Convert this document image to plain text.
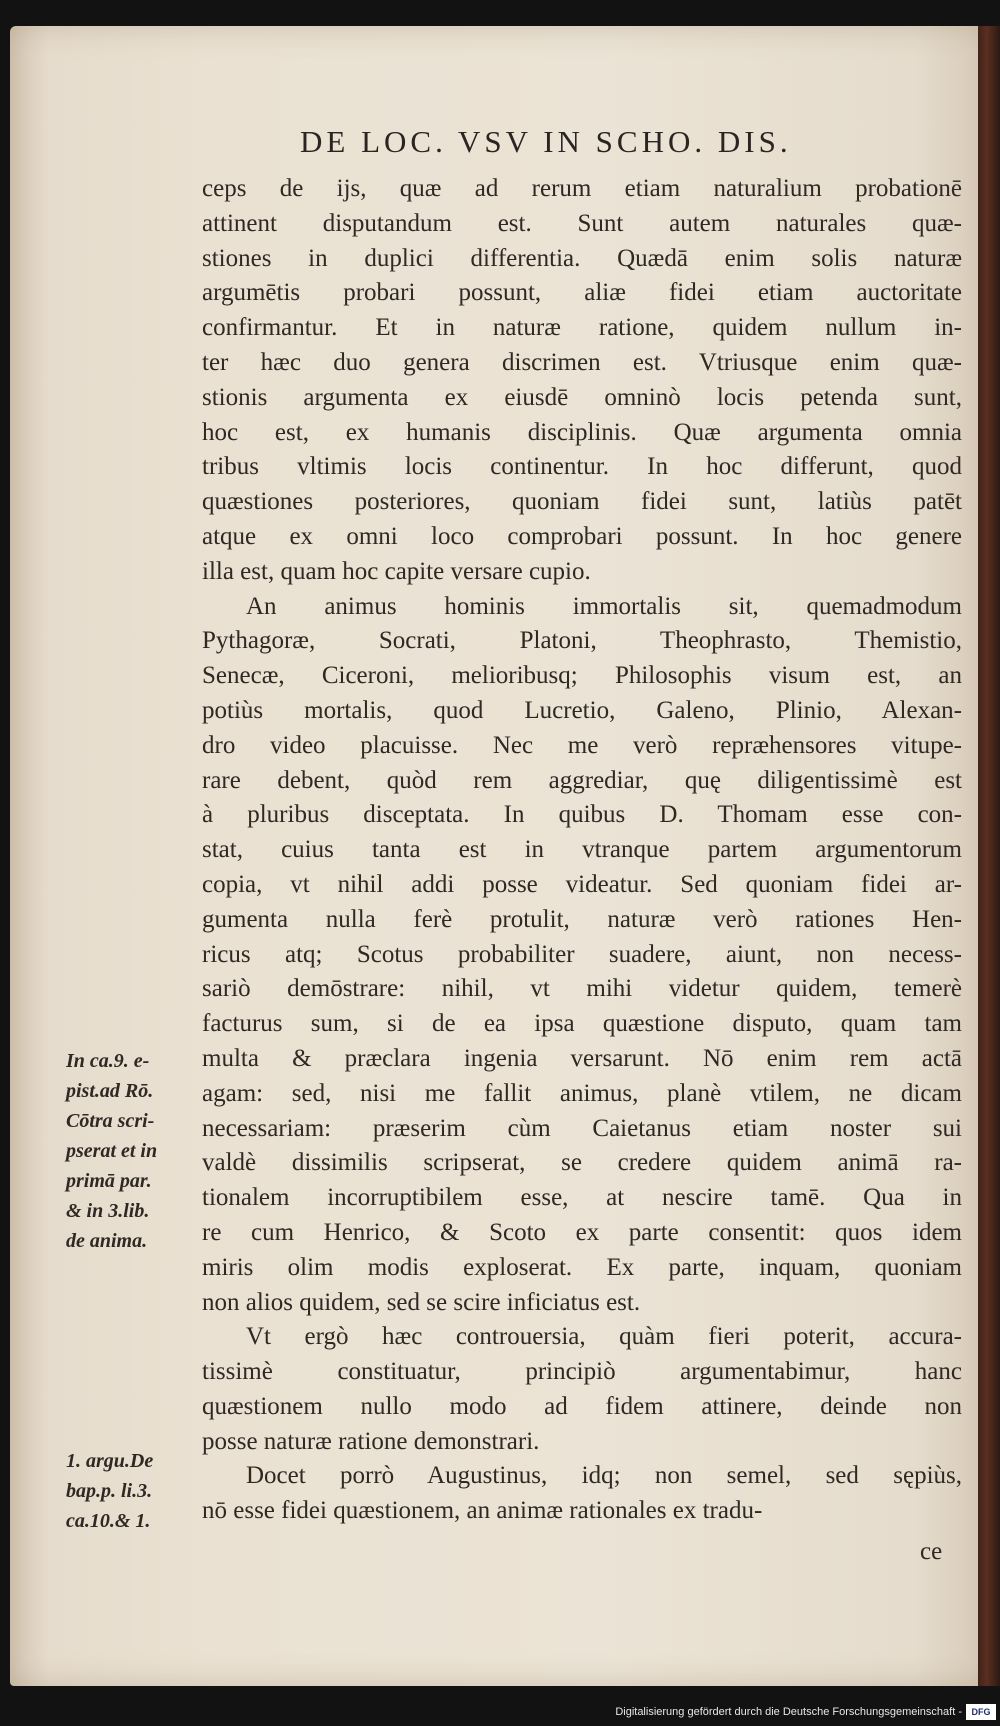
DE LOC. VSV IN SCHO. DIS.
ceps de ijs, quæ ad rerum etiam naturalium probationē
attinent disputandum est. Sunt autem naturales quæ-
stiones in duplici differentia. Quædā enim solis naturæ
argumētis probari possunt, aliæ fidei etiam auctoritate
confirmantur. Et in naturæ ratione, quidem nullum in-
ter hæc duo genera discrimen est. Vtriusque enim quæ-
stionis argumenta ex eiusdē omninò locis petenda sunt,
hoc est, ex humanis disciplinis. Quæ argumenta omnia
tribus vltimis locis continentur. In hoc differunt, quod
quæstiones posteriores, quoniam fidei sunt, latiùs patēt
atque ex omni loco comprobari possunt. In hoc genere
illa est, quam hoc capite versare cupio.
An animus hominis immortalis sit, quemadmodum
Pythagoræ, Socrati, Platoni, Theophrasto, Themistio,
Senecæ, Ciceroni, melioribusq; Philosophis visum est, an
potiùs mortalis, quod Lucretio, Galeno, Plinio, Alexan-
dro video placuisse. Nec me verò repræhensores vitupe-
rare debent, quòd rem aggrediar, quę diligentissimè est
à pluribus disceptata. In quibus D. Thomam esse con-
stat, cuius tanta est in vtranque partem argumentorum
copia, vt nihil addi posse videatur. Sed quoniam fidei ar-
gumenta nulla ferè protulit, naturæ verò rationes Hen-
ricus atq; Scotus probabiliter suadere, aiunt, non necess-
sariò demōstrare: nihil, vt mihi videtur quidem, temerè
facturus sum, si de ea ipsa quæstione disputo, quam tam
multa & præclara ingenia versarunt. Nō enim rem actā
agam: sed, nisi me fallit animus, planè vtilem, ne dicam
necessariam: præserim cùm Caietanus etiam noster sui
valdè dissimilis scripserat, se credere quidem animā ra-
tionalem incorruptibilem esse, at nescire tamē. Qua in
re cum Henrico, & Scoto ex parte consentit: quos idem
miris olim modis exploserat. Ex parte, inquam, quoniam
non alios quidem, sed se scire inficiatus est.
Vt ergò hæc controuersia, quàm fieri poterit, accura-
tissimè constituatur, principiò argumentabimur, hanc
quæstionem nullo modo ad fidem attinere, deinde non
posse naturæ ratione demonstrari.
Docet porrò Augustinus, idq; non semel, sed sępiùs,
nō esse fidei quæstionem, an animæ rationales ex tradu-
In ca.9. e-
pist.ad Rō.
Cōtra scri-
pserat et in
primā par.
& in 3.lib.
de anima.
1. argu.De
bap.p. li.3.
ca.10.& 1.
ce
Digitalisierung gefördert durch die Deutsche Forschungsgemeinschaft -	DFG
